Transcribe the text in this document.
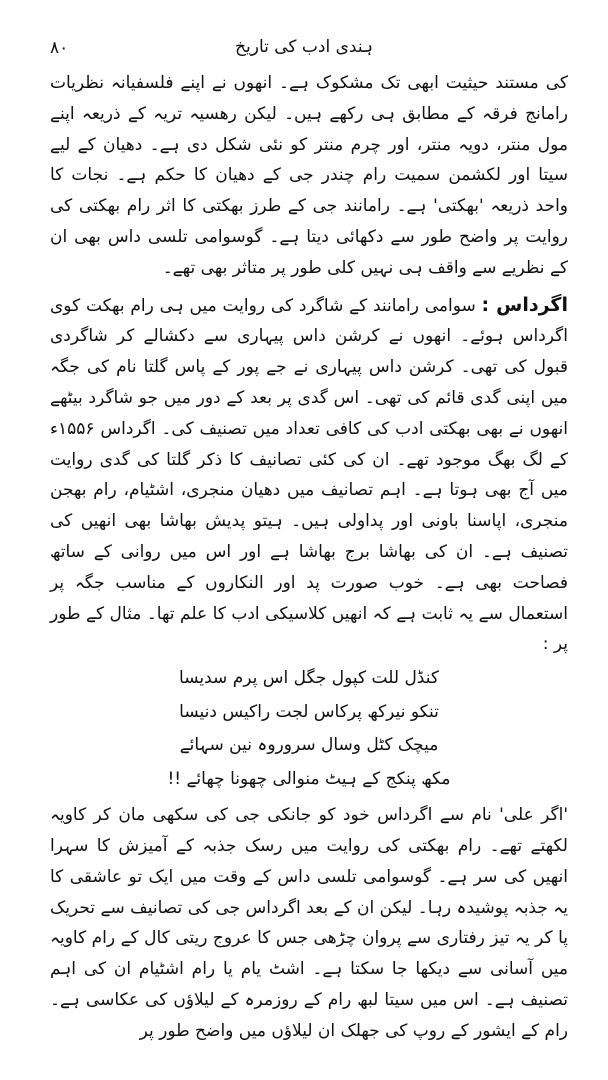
۸۰	ہندی ادب کی تاریخ

کی مستند حیثیت ابھی تک مشکوک ہے۔ انھوں نے اپنے فلسفیانہ نظریات رامانج فرقہ کے مطابق ہی رکھے ہیں۔ لیکن رھسیہ تریہ کے ذریعہ اپنے مول منتر، دویہ منتر، اور چرم منتر کو نئی شکل دی ہے۔ دھیان کے لیے سیتا اور لکشمن سمیت رام چندر جی کے دھیان کا حکم ہے۔ نجات کا واحد ذریعہ 'بھکتی' ہے۔ رامانند جی کے طرز بھکتی کا اثر رام بھکتی کی روایت پر واضح طور سے دکھائی دیتا ہے۔ گوسوامی تلسی داس بھی ان کے نظریے سے واقف ہی نہیں کلی طور پر متاثر بھی تھے۔

اگرداس : سوامی رامانند کے شاگرد کی روایت میں ہی رام بھکت کوی اگرداس ہوئے۔ انھوں نے کرشن داس پیہاری سے دکشالے کر شاگردی قبول کی تھی۔ کرشن داس پیہاری نے جے پور کے پاس گلتا نام کی جگہ میں اپنی گدی قائم کی تھی۔ اس گدی پر بعد کے دور میں جو شاگرد بیٹھے انھوں نے بھی بھکتی ادب کی کافی تعداد میں تصنیف کی۔ اگرداس ۱۵۵۶ء کے لگ بھگ موجود تھے۔ ان کی کئی تصانیف کا ذکر گلتا کی گدی روایت میں آج بھی ہوتا ہے۔ اہم تصانیف میں دھیان منجری، اشٹیام، رام بھجن منجری، اپاسنا باونی اور پداولی ہیں۔ ہیتو پدیش بھاشا بھی انھیں کی تصنیف ہے۔ ان کی بھاشا برج بھاشا ہے اور اس میں روانی کے ساتھ فصاحت بھی ہے۔ خوب صورت پد اور النکاروں کے مناسب جگہ پر استعمال سے یہ ثابت ہے کہ انھیں کلاسیکی ادب کا علم تھا۔ مثال کے طور پر :

کنڈل للت کپول جگل اس پرم سدیسا
تنکو نیرکھ پرکاس لجت راکیس دنیسا
میچک کٹل وسال سروروہ نین سہائے
مکھ پنکج کے ہیٹ منوالی چھونا چھائے !!

'اگر علی' نام سے اگرداس خود کو جانکی جی کی سکھی مان کر کاویہ لکھتے تھے۔ رام بھکتی کی روایت میں رسک جذبہ کے آمیزش کا سہرا انھیں کی سر ہے۔ گوسوامی تلسی داس کے وقت میں ایک تو عاشقی کا یہ جذبہ پوشیدہ رہا۔ لیکن ان کے بعد اگرداس جی کی تصانیف سے تحریک پا کر یہ تیز رفتاری سے پروان چڑھی جس کا عروج ریتی کال کے رام کاویہ میں آسانی سے دیکھا جا سکتا ہے۔ اشٹ یام یا رام اشٹیام ان کی اہم تصنیف ہے۔ اس میں سیتا لبھ رام کے روزمرہ کے لیلاؤں کی عکاسی ہے۔ رام کے ایشور کے روپ کی جھلک ان لیلاؤں میں واضح طور پر
